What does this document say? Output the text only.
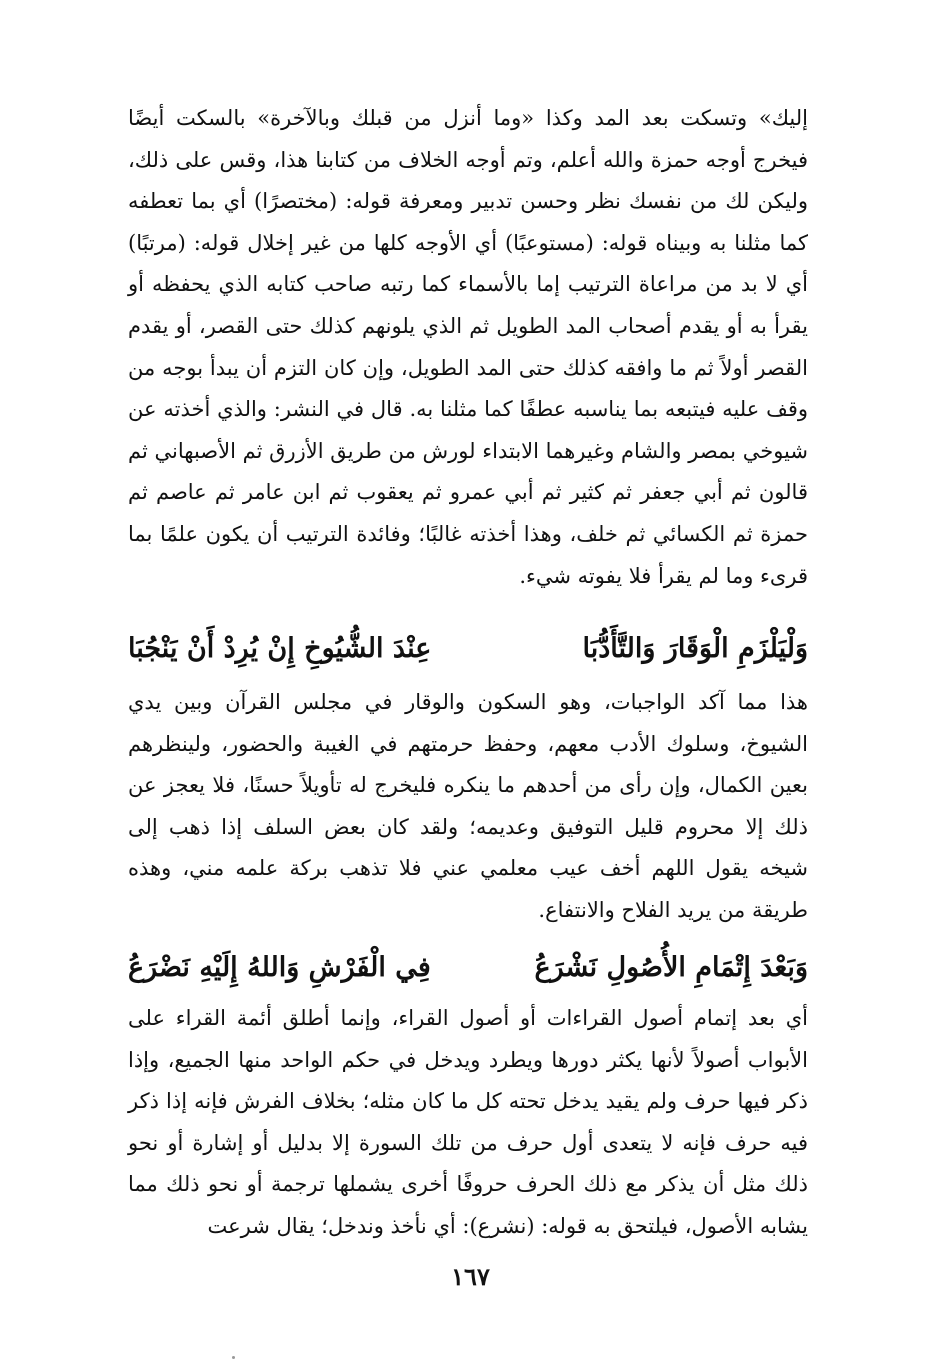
إليك» وتسكت بعد المد وكذا «وما أنزل من قبلك وبالآخرة» بالسكت أيضًا فيخرج أوجه حمزة والله أعلم، وتم أوجه الخلاف من كتابنا هذا، وقس على ذلك، وليكن لك من نفسك نظر وحسن تدبير ومعرفة قوله: (مختصرًا) أي بما تعطفه كما مثلنا به وبيناه قوله: (مستوعبًا) أي الأوجه كلها من غير إخلال قوله: (مرتبًا) أي لا بد من مراعاة الترتيب إما بالأسماء كما رتبه صاحب كتابه الذي يحفظه أو يقرأ به أو يقدم أصحاب المد الطويل ثم الذي يلونهم كذلك حتى القصر، أو يقدم القصر أولاً ثم ما وافقه كذلك حتى المد الطويل، وإن كان التزم أن يبدأ بوجه من وقف عليه فيتبعه بما يناسبه عطفًا كما مثلنا به. قال في النشر: والذي أخذته عن شيوخي بمصر والشام وغيرهما الابتداء لورش من طريق الأزرق ثم الأصبهاني ثم قالون ثم أبي جعفر ثم كثير ثم أبي عمرو ثم يعقوب ثم ابن عامر ثم عاصم ثم حمزة ثم الكسائي ثم خلف، وهذا أخذته غالبًا؛ وفائدة الترتيب أن يكون علمًا بما قرىء وما لم يقرأ فلا يفوته شيء.

وَلْيَلْزَمِ الْوَقَارَ وَالتَّأَدُّبَا
عِنْدَ الشُّيُوخِ إِنْ يُرِدْ أَنْ يَنْجُبَا

هذا مما آكد الواجبات، وهو السكون والوقار في مجلس القرآن وبين يدي الشيوخ، وسلوك الأدب معهم، وحفظ حرمتهم في الغيبة والحضور، ولينظرهم بعين الكمال، وإن رأى من أحدهم ما ينكره فليخرج له تأويلاً حسنًا، فلا يعجز عن ذلك إلا محروم قليل التوفيق وعديمه؛ ولقد كان بعض السلف إذا ذهب إلى شيخه يقول اللهم أخف عيب معلمي عني فلا تذهب بركة علمه مني، وهذه طريقة من يريد الفلاح والانتفاع.

وَبَعْدَ إِتْمَامِ الأُصُولِ نَشْرَعُ
فِي الْفَرْشِ وَاللهُ إِلَيْهِ نَضْرَعُ

أي بعد إتمام أصول القراءات أو أصول القراء، وإنما أطلق أئمة القراء على الأبواب أصولاً لأنها يكثر دورها ويطرد ويدخل في حكم الواحد منها الجميع، وإذا ذكر فيها حرف ولم يقيد يدخل تحته كل ما كان مثله؛ بخلاف الفرش فإنه إذا ذكر فيه حرف فإنه لا يتعدى أول حرف من تلك السورة إلا بدليل أو إشارة أو نحو ذلك مثل أن يذكر مع ذلك الحرف حروفًا أخرى يشملها ترجمة أو نحو ذلك مما يشابه الأصول، فيلتحق به قوله: (نشرع): أي نأخذ وندخل؛ يقال شرعت

١٦٧
